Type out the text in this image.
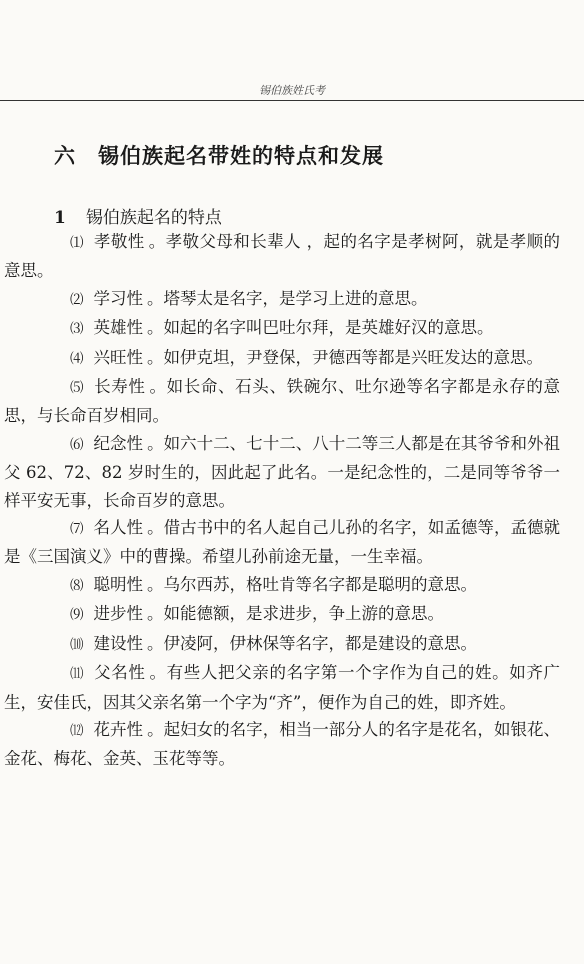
锡伯族姓氏考
六 锡伯族起名带姓的特点和发展
1 锡伯族起名的特点

⑴ 孝敬性 。孝敬父母和长辈人 ，起的名字是孝树阿，就是孝顺的意思。

⑵ 学习性 。塔琴太是名字，是学习上进的意思。

⑶ 英雄性 。如起的名字叫巴吐尔拜，是英雄好汉的意思。

⑷ 兴旺性 。如伊克坦，尹登保，尹德西等都是兴旺发达的意思。

⑸ 长寿性 。如长命、石头、铁碗尔、吐尔逊等名字都是永存的意思，与长命百岁相同。

⑹ 纪念性 。如六十二、七十二、八十二等三人都是在其爷爷和外祖父 62、72、82 岁时生的，因此起了此名。一是纪念性的，二是同等爷爷一样平安无事，长命百岁的意思。

⑺ 名人性 。借古书中的名人起自己儿孙的名字，如孟德等，孟德就是《三国演义》中的曹操。希望儿孙前途无量，一生幸福。

⑻ 聪明性 。乌尔西苏，格吐肯等名字都是聪明的意思。

⑼ 进步性 。如能德额，是求进步，争上游的意思。

⑽ 建设性 。伊凌阿，伊林保等名字，都是建设的意思。

⑾ 父名性 。有些人把父亲的名字第一个字作为自己的姓。如齐广生，安佳氏，因其父亲名第一个字为“齐”，便作为自己的姓，即齐姓。

⑿ 花卉性 。起妇女的名字，相当一部分人的名字是花名，如银花、金花、梅花、金英、玉花等等。
